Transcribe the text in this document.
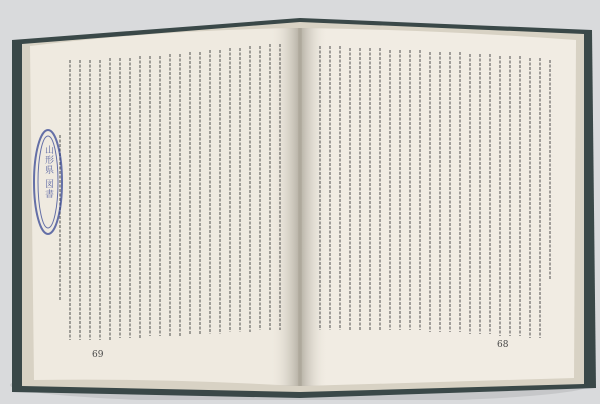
山形県 図書
69
68
